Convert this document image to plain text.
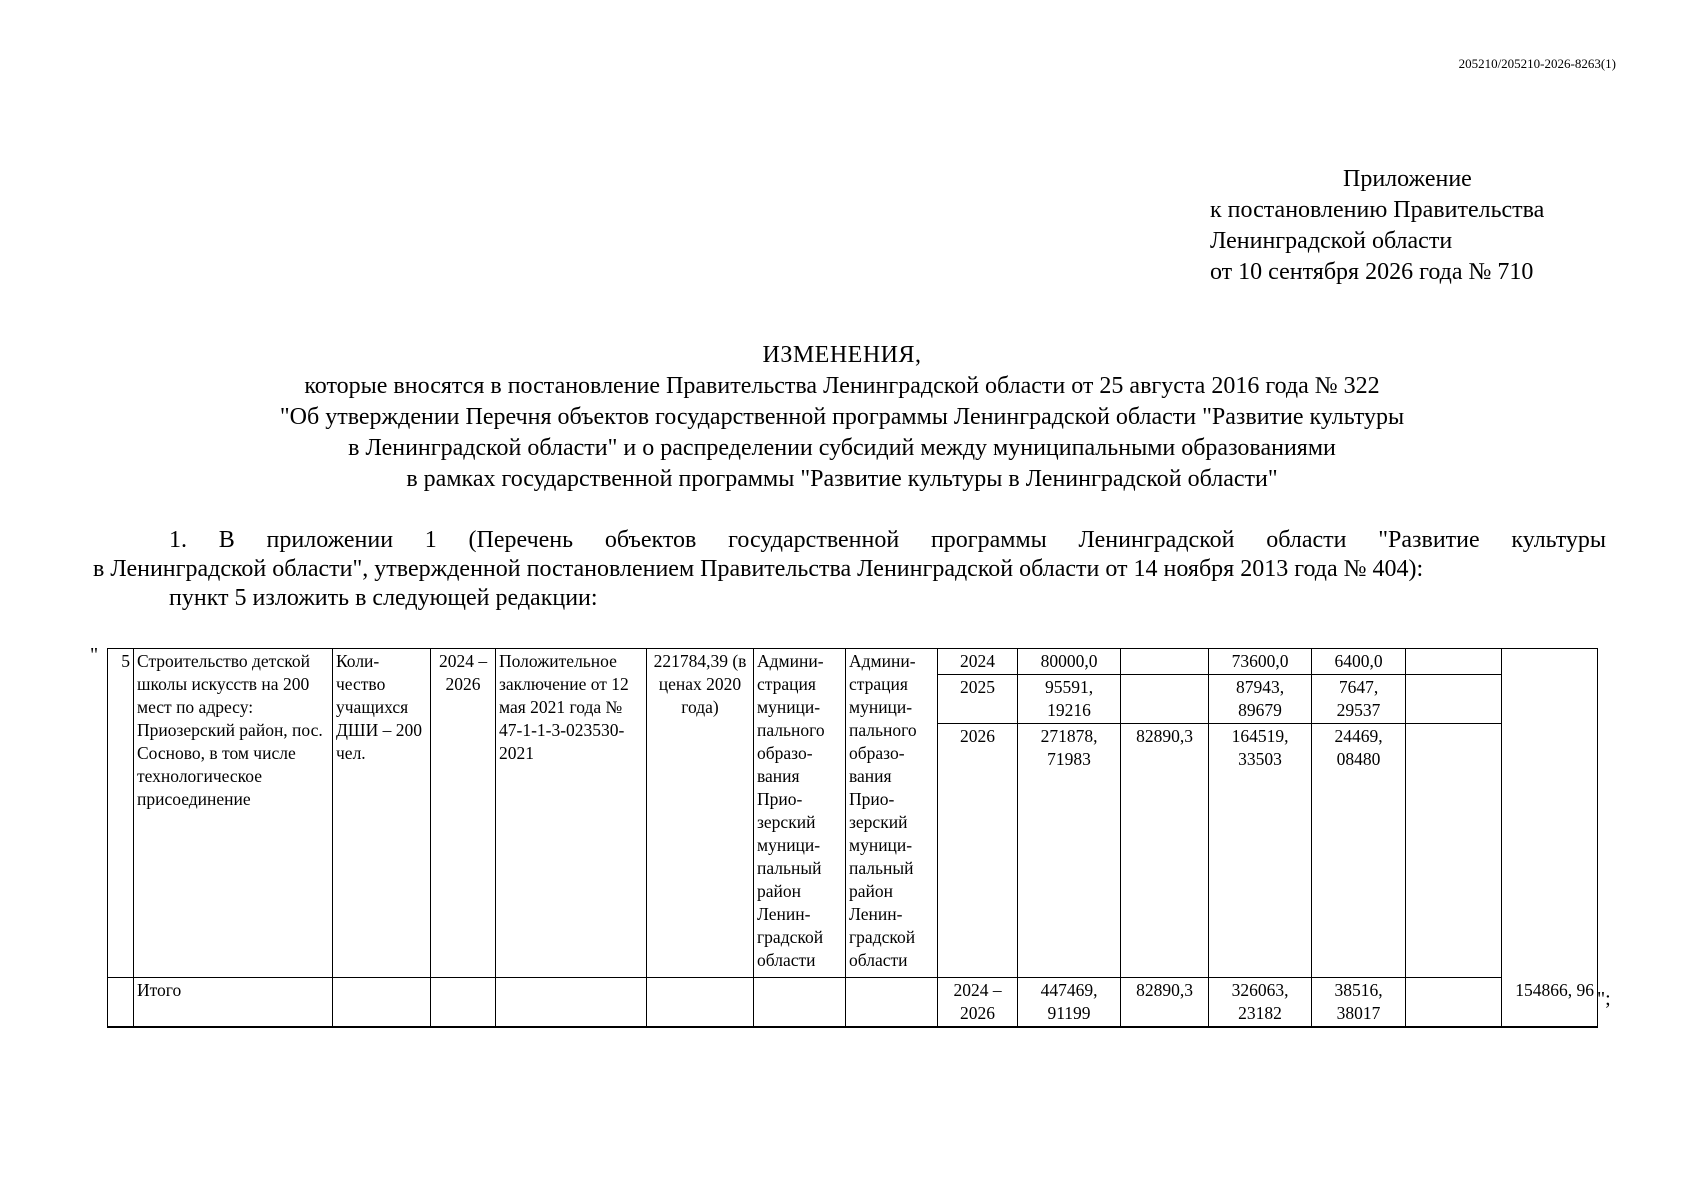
205210/205210-2026-8263(1)
Приложение
к постановлению Правительства
Ленинградской области
от 10 сентября 2026 года № 710
ИЗМЕНЕНИЯ,
которые вносятся в постановление Правительства Ленинградской области от 25 августа 2016 года № 322
"Об утверждении Перечня объектов государственной программы Ленинградской области "Развитие культуры
в Ленинградской области" и о распределении субсидий между муниципальными образованиями
в рамках государственной программы "Развитие культуры в Ленинградской области"

1. В приложении 1 (Перечень объектов государственной программы Ленинградской области "Развитие культуры

в Ленинградской области", утвержденной постановлением Правительства Ленинградской области от 14 ноября 2013 года № 404):

пункт 5 изложить в следующей редакции:

" 5	Строительство детской школы искусств на 200 мест по адресу: Приозерский район, пос. Сосново, в том числе технологическое присоединение	Коли-чество учащихся ДШИ – 200 чел.	2024 – 2026	Положительное заключение от 12 мая 2021 года № 47-1-1-3-023530-2021	221784,39 (в ценах 2020 года)	Админи-страция муници-пального образо-вания Прио-зерский муници-пальный район Ленин-градской области	Админи-страция муници-пального образо-вания Прио-зерский муници-пальный район Ленин-градской области	2024	80000,0		73600,0	6400,0		
								2025	95591, 19216		87943, 89679	7647, 29537		
								2026	271878, 71983	82890,3	164519, 33503	24469, 08480		
	Итого							2024 – 2026	447469, 91199	82890,3	326063, 23182	38516, 38017		154866, 96 ";
